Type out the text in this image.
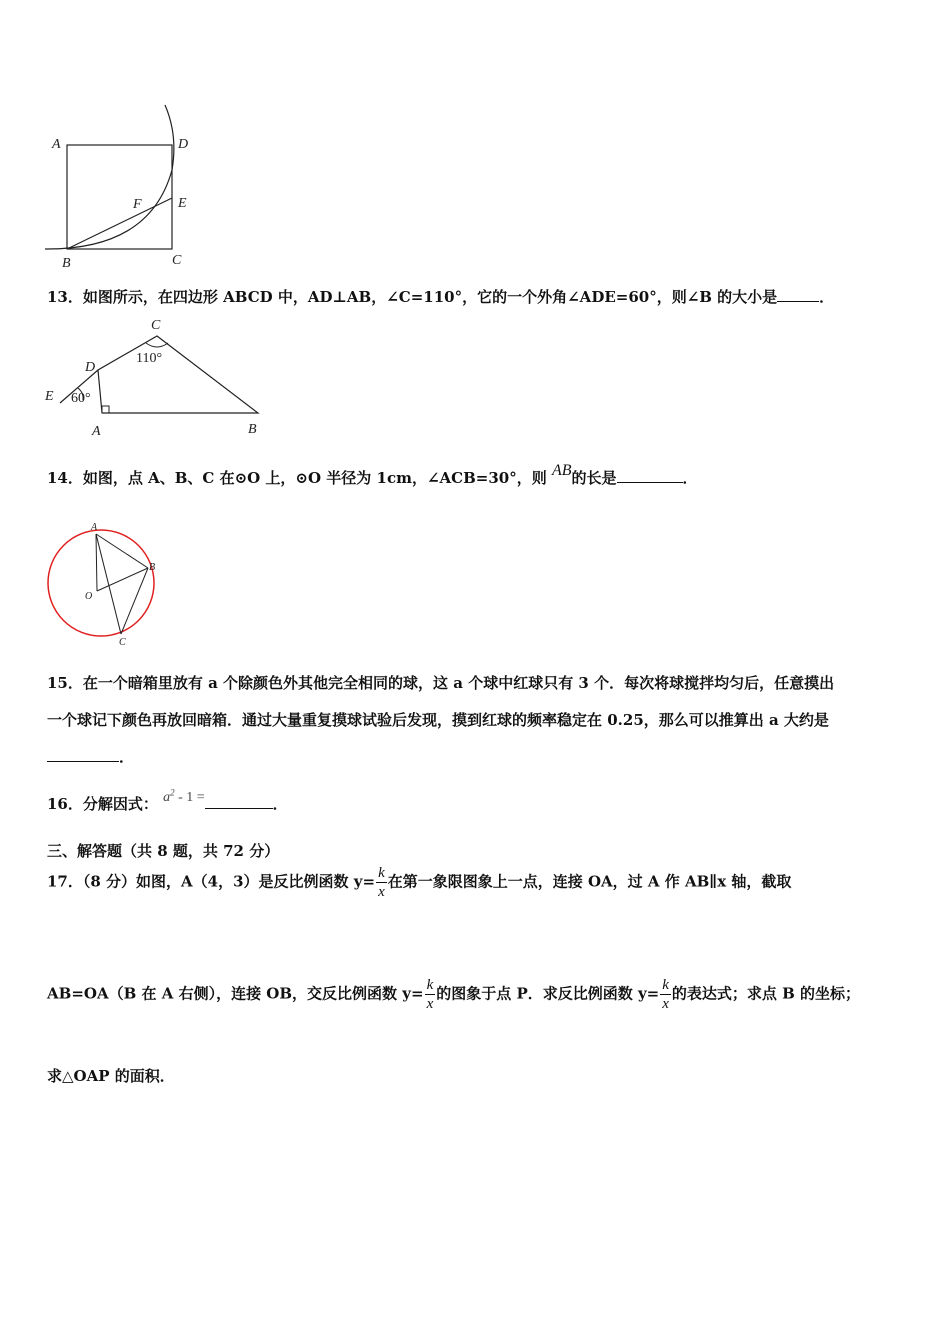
A	D
F	E
B	C
13．如图所示，在四边形 ABCD 中，AD⊥AB，∠C=110°，它的一个外角∠ADE=60°，则∠B 的大小是	．
C
110°
D
E 60°
A	B
14．如图，点 A、B、C 在⊙O 上，⊙O 半径为 1cm，∠ACB=30°，则 AB的长是	．
A
B
O
C
15．在一个暗箱里放有 a 个除颜色外其他完全相同的球，这 a 个球中红球只有 3 个．每次将球搅拌均匀后，任意摸出
一个球记下颜色再放回暗箱．通过大量重复摸球试验后发现，摸到红球的频率稳定在 0.25，那么可以推算出 a 大约是
．
16．分解因式： $a^2 - 1$ =	．
三、解答题（共 8 题，共 72 分）
17．（8 分）如图，A（4，3）是反比例函数 $y= \frac{k}{x}$ 在第一象限图象上一点，连接 OA，过 A 作 AB∥x 轴，截取
AB=OA（B 在 A 右侧），连接 OB，交反比例函数 $y= \frac{k}{x}$ 的图象于点 P．求反比例函数 $y= \frac{k}{x}$ 的表达式；求点 B 的坐标；
求△OAP 的面积．
